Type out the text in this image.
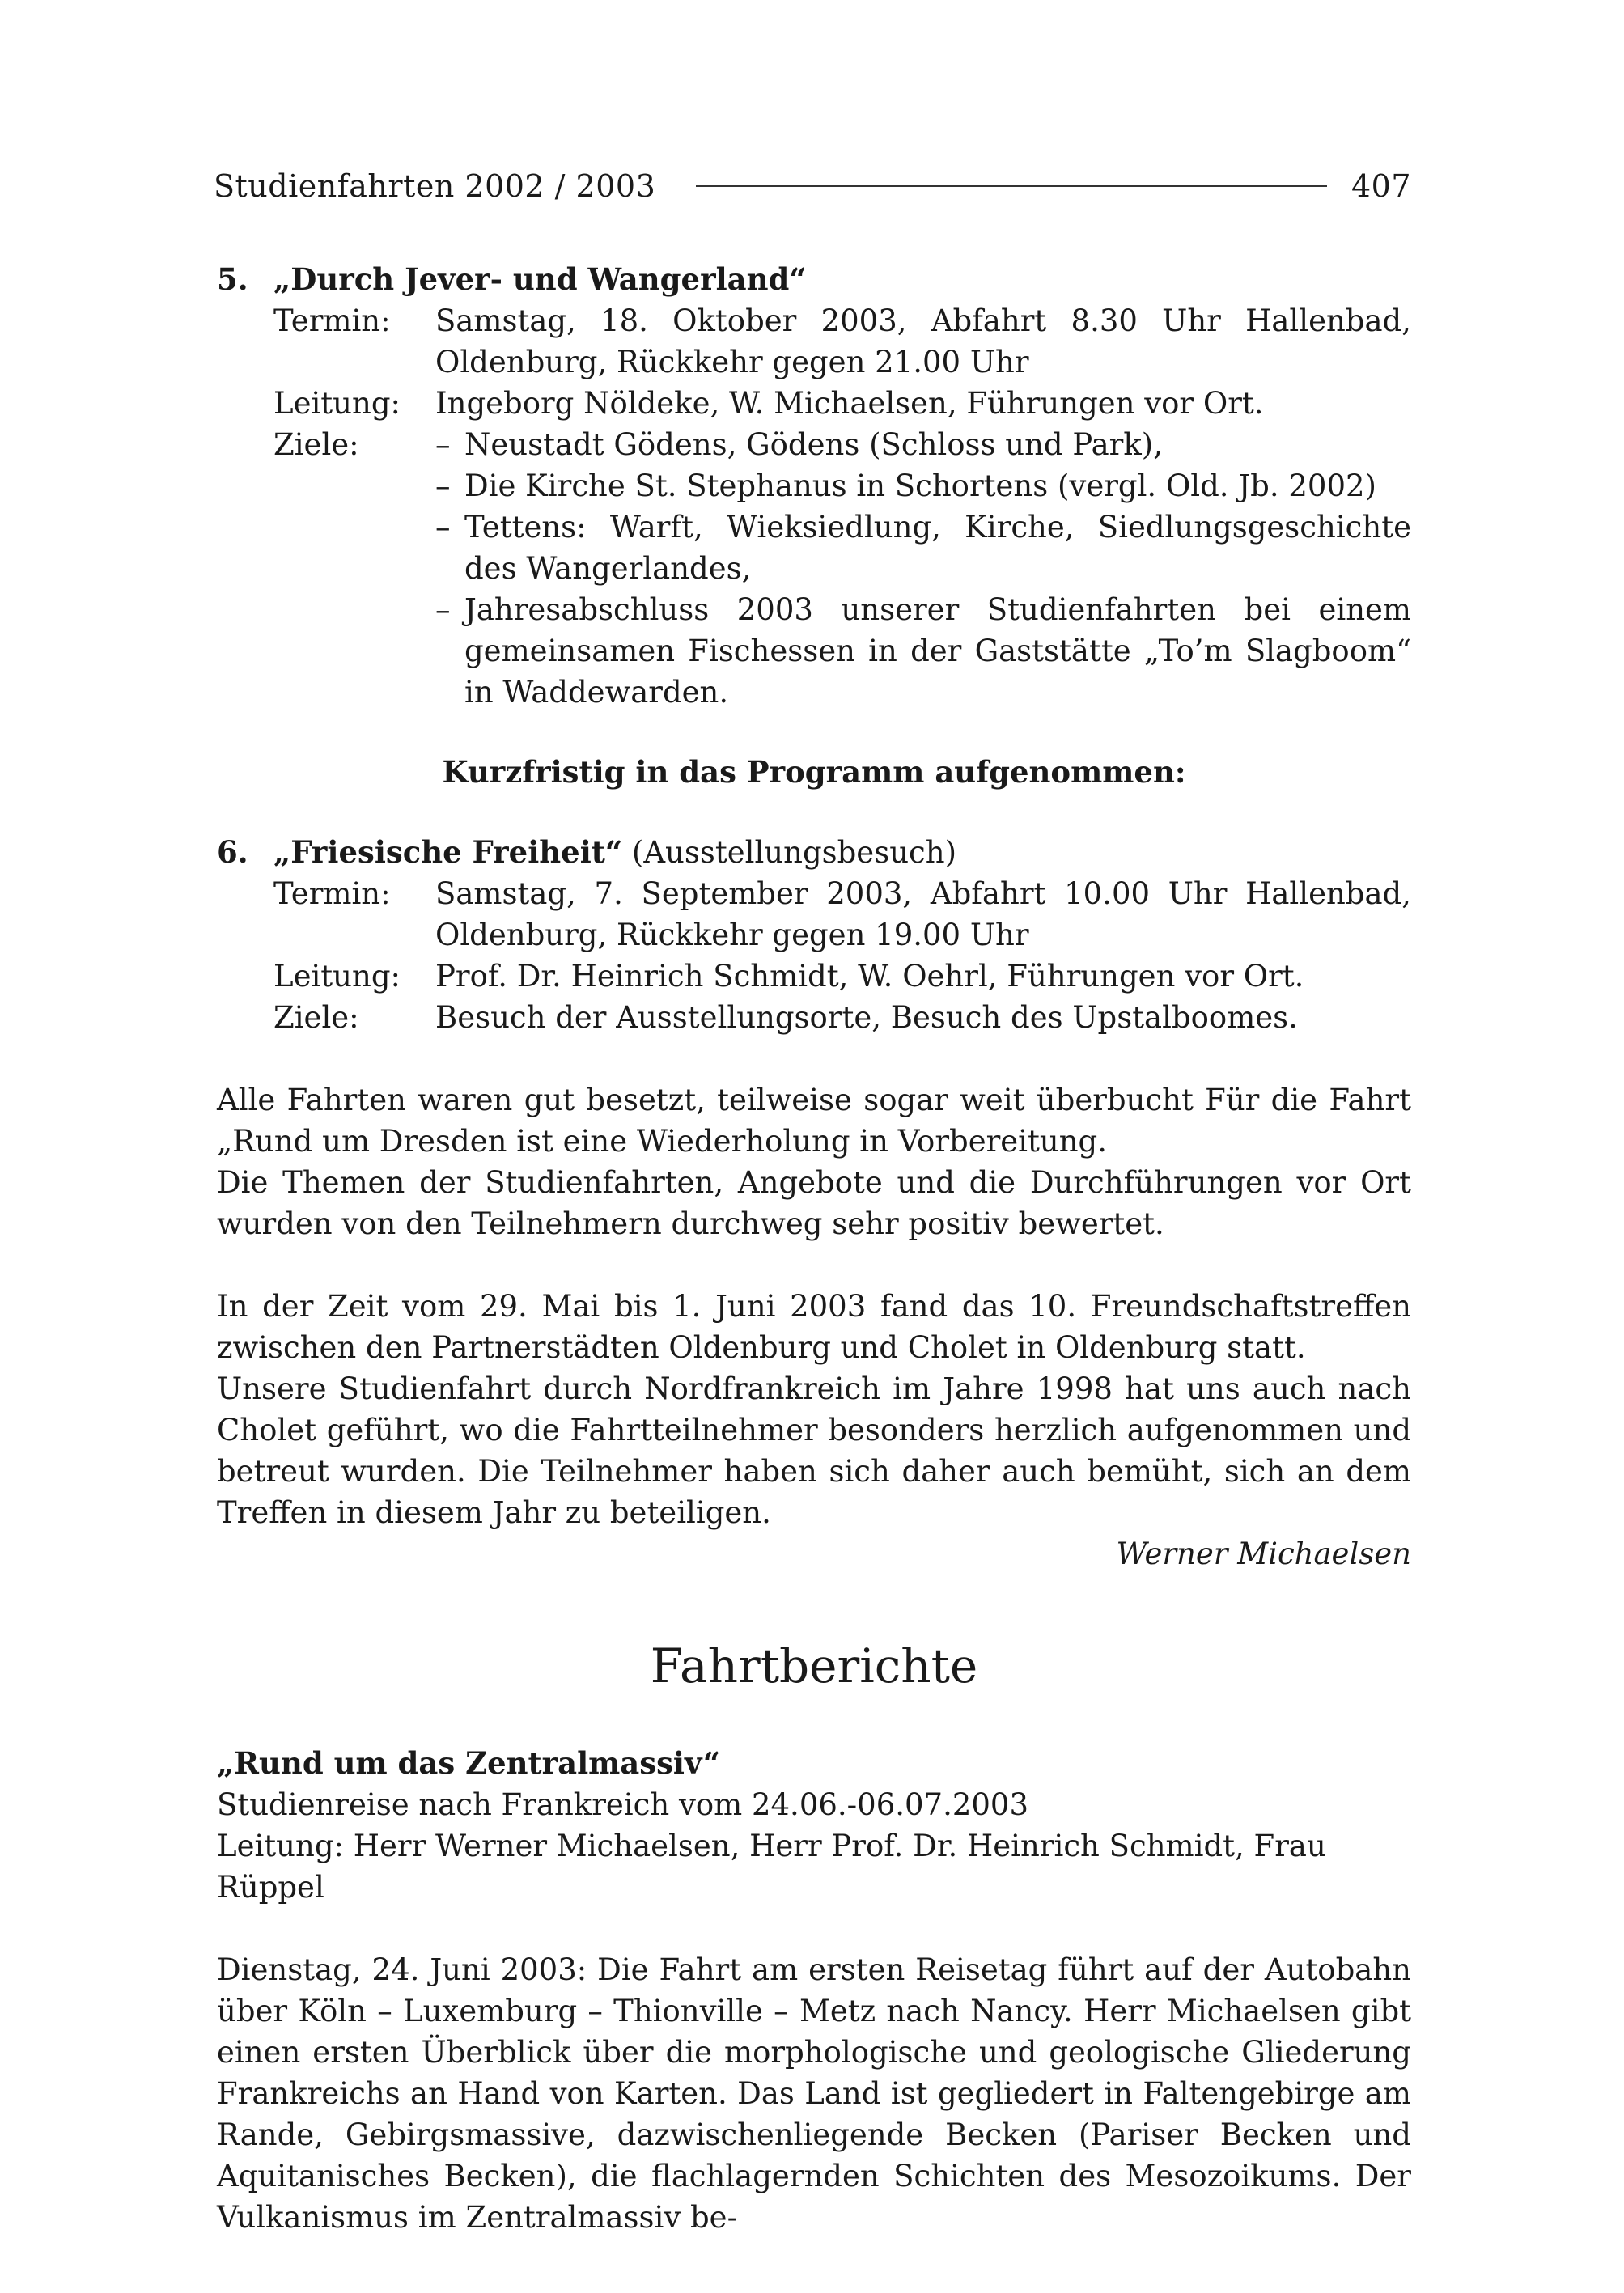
Studienfahrten 2002 / 2003	407
5. „Durch Jever- und Wangerland“
Termin:	Samstag, 18. Oktober 2003, Abfahrt 8.30 Uhr Hallenbad, Oldenburg, Rückkehr gegen 21.00 Uhr
Leitung:	Ingeborg Nöldeke, W. Michaelsen, Führungen vor Ort.
Ziele:	– Neustadt Gödens, Gödens (Schloss und Park),
– Die Kirche St. Stephanus in Schortens (vergl. Old. Jb. 2002)
– Tettens: Warft, Wieksiedlung, Kirche, Siedlungsgeschichte des Wangerlandes,
– Jahresabschluss 2003 unserer Studienfahrten bei einem gemeinsamen Fischessen in der Gaststätte „To’m Slagboom“ in Waddewarden.
Kurzfristig in das Programm aufgenommen:
6. „Friesische Freiheit“ (Ausstellungsbesuch)
Termin:	Samstag, 7. September 2003, Abfahrt 10.00 Uhr Hallenbad, Oldenburg, Rückkehr gegen 19.00 Uhr
Leitung:	Prof. Dr. Heinrich Schmidt, W. Oehrl, Führungen vor Ort.
Ziele:	Besuch der Ausstellungsorte, Besuch des Upstalboomes.
Alle Fahrten waren gut besetzt, teilweise sogar weit überbucht Für die Fahrt „Rund um Dresden ist eine Wiederholung in Vorbereitung.
Die Themen der Studienfahrten, Angebote und die Durchführungen vor Ort wurden von den Teilnehmern durchweg sehr positiv bewertet.
In der Zeit vom 29. Mai bis 1. Juni 2003 fand das 10. Freundschaftstreffen zwischen den Partnerstädten Oldenburg und Cholet in Oldenburg statt.
Unsere Studienfahrt durch Nordfrankreich im Jahre 1998 hat uns auch nach Cholet geführt, wo die Fahrtteilnehmer besonders herzlich aufgenommen und betreut wurden. Die Teilnehmer haben sich daher auch bemüht, sich an dem Treffen in diesem Jahr zu beteiligen.
Werner Michaelsen
Fahrtberichte
„Rund um das Zentralmassiv“
Studienreise nach Frankreich vom 24.06.-06.07.2003
Leitung: Herr Werner Michaelsen, Herr Prof. Dr. Heinrich Schmidt, Frau Rüppel
Dienstag, 24. Juni 2003: Die Fahrt am ersten Reisetag führt auf der Autobahn über Köln – Luxemburg – Thionville – Metz nach Nancy. Herr Michaelsen gibt einen ersten Überblick über die morphologische und geologische Gliederung Frankreichs an Hand von Karten. Das Land ist gegliedert in Faltengebirge am Rande, Gebirgsmassive, dazwischenliegende Becken (Pariser Becken und Aquitanisches Becken), die flachlagernden Schichten des Mesozoikums. Der Vulkanismus im Zentralmassiv be-
